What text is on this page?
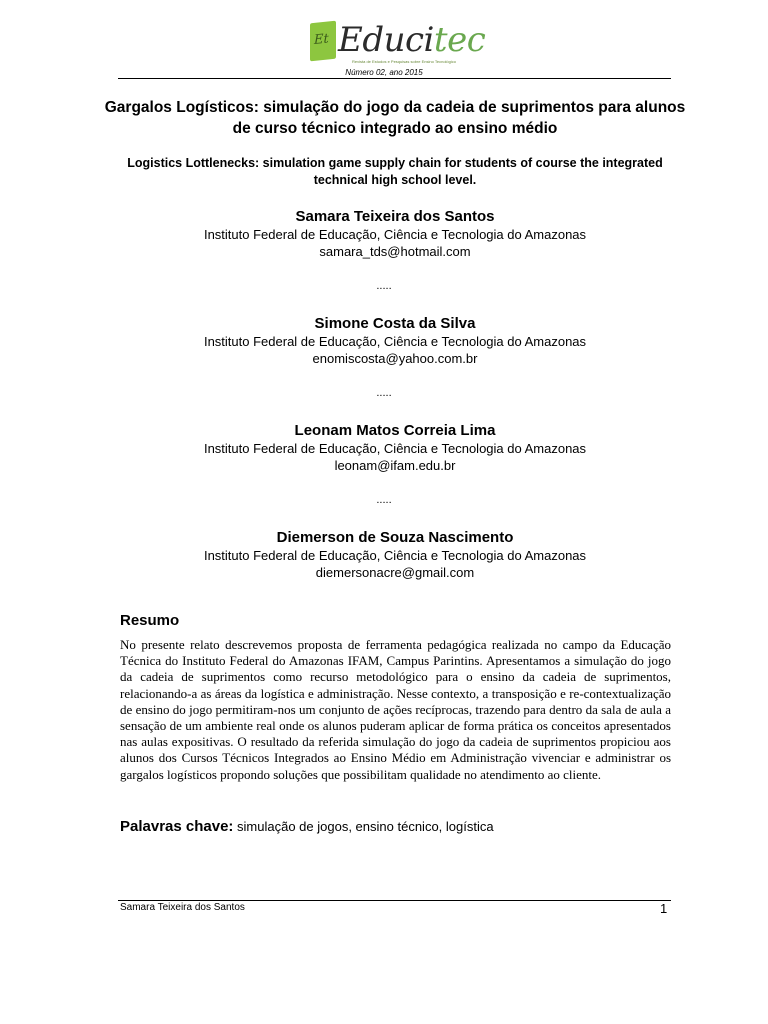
Et Educitec
Revista de Estudos e Pesquisas sobre Ensino Tecnológico
Número 02, ano 2015
Gargalos Logísticos: simulação do jogo da cadeia de suprimentos para alunos de curso técnico integrado ao ensino médio
Logistics Lottlenecks: simulation game supply chain for students of course the integrated technical high school level.
Samara Teixeira dos Santos
Instituto Federal de Educação, Ciência e Tecnologia do Amazonas
samara_tds@hotmail.com
.....
Simone Costa da Silva
Instituto Federal de Educação, Ciência e Tecnologia do Amazonas
enomiscosta@yahoo.com.br
.....
Leonam Matos Correia Lima
Instituto Federal de Educação, Ciência e Tecnologia do Amazonas
leonam@ifam.edu.br
.....
Diemerson de Souza Nascimento
Instituto Federal de Educação, Ciência e Tecnologia do Amazonas
diemersonacre@gmail.com
Resumo
No presente relato descrevemos proposta de ferramenta pedagógica realizada no campo da Educação Técnica do Instituto Federal do Amazonas IFAM, Campus Parintins. Apresentamos a simulação do jogo da cadeia de suprimentos como recurso metodológico para o ensino da cadeia de suprimentos, relacionando-a as áreas da logística e administração. Nesse contexto, a transposição e re-contextualização de ensino do jogo permitiram-nos um conjunto de ações recíprocas, trazendo para dentro da sala de aula a sensação de um ambiente real onde os alunos puderam aplicar de forma prática os conceitos apresentados nas aulas expositivas. O resultado da referida simulação do jogo da cadeia de suprimentos propiciou aos alunos dos Cursos Técnicos Integrados ao Ensino Médio em Administração vivenciar e administrar os gargalos logísticos propondo soluções que possibilitam qualidade no atendimento ao cliente.
Palavras chave: simulação de jogos, ensino técnico, logística
Samara Teixeira dos Santos	1
